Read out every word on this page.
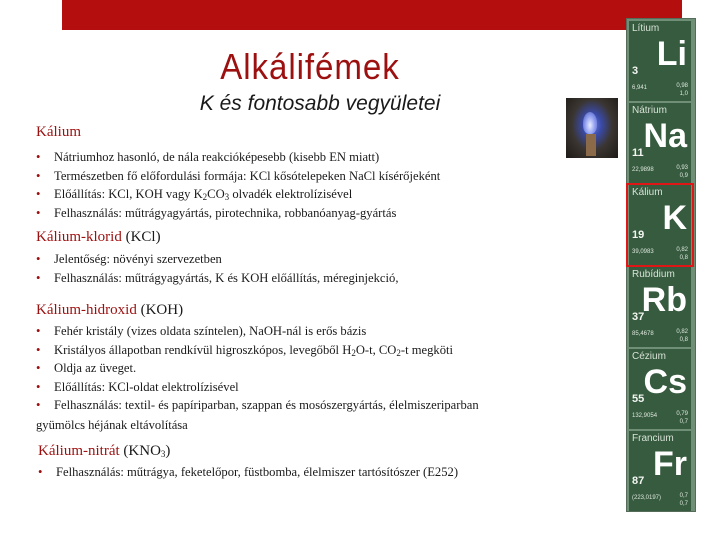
Alkálifémek
K és fontosabb vegyületei
Kálium
• Nátriumhoz hasonló, de nála reakcióképesebb (kisebb EN miatt)
• Természetben fő előfordulási formája: KCl kősótelepeken NaCl kísérőjeként
• Előállítás: KCl, KOH vagy $K_2CO_3$ olvadék elektrolízisével
• Felhasználás: műtrágyagyártás, pirotechnika, robbanóanyag-gyártás
Kálium-klorid (KCl)
• Jelentőség: növényi szervezetben
• Felhasználás: műtrágyagyártás, K és KOH előállítás, méreginjekció,
Kálium-hidroxid (KOH)
• Fehér kristály (vizes oldata színtelen), NaOH-nál is erős bázis
• Kristályos állapotban rendkívül higroszkópos, levegőből $H_2O-t$, $CO_2-t$ megköti
• Oldja az üveget.
• Előállítás: KCl-oldat elektrolízisével
• Felhasználás: textil- és papíriparban, szappan és mosószergyártás, élelmiszeriparban
gyümölcs héjának eltávolítása
Kálium-nitrát $(KNO_3)$
• Felhasználás: műtrágya, feketelőpor, füstbomba, élelmiszer tartósítószer (E252)
Lítium
Li
3
6,941	0,98
1,0
Nátrium
Na
11
22,9898	0,93
0,9
Kálium
K
19
39,0983	0,82
0,8
Rubídium
Rb
37
85,4678	0,82
0,8
Cézium
Cs
55
132,9054	0,79
0,7
Francium
Fr
87
(223,0197)	0,7
0,7
